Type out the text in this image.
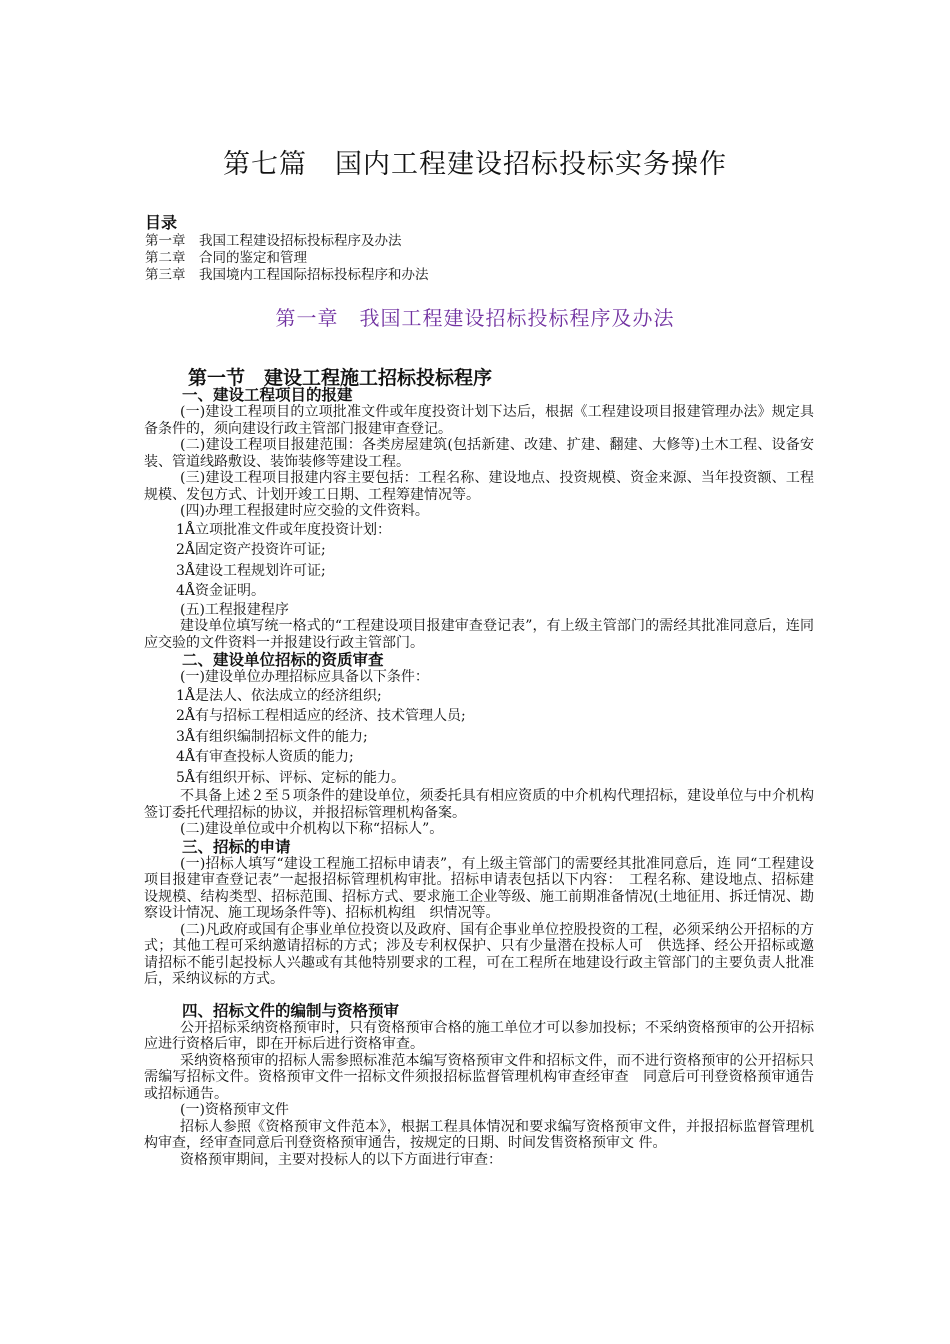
第七篇　国内工程建设招标投标实务操作
目录
第一章　我国工程建设招标投标程序及办法
第二章　合同的鉴定和管理
第三章　我国境内工程国际招标投标程序和办法
第一章　我国工程建设招标投标程序及办法
第一节　建设工程施工招标投标程序
一、建设工程项目的报建
(一)建设工程项目的立项批准文件或年度投资计划下达后，根据《工程建设项目报建管理办法》规定具备条件的，须向建设行政主管部门报建审查登记。
(二)建设工程项目报建范围：各类房屋建筑(包括新建、改建、扩建、翻建、大修等)土木工程、设备安装、管道线路敷设、装饰装修等建设工程。
(三)建设工程项目报建内容主要包括：工程名称、建设地点、投资规模、资金来源、当年投资额、工程规模、发包方式、计划开竣工日期、工程筹建情况等。
(四)办理工程报建时应交验的文件资料。
1Å立项批准文件或年度投资计划：
2Å固定资产投资许可证;
3Å建设工程规划许可证;
4Å资金证明。
(五)工程报建程序
建设单位填写统一格式的“工程建设项目报建审查登记表”，有上级主管部门的需经其批准同意后，连同应交验的文件资料一并报建设行政主管部门。
二、建设单位招标的资质审查
(一)建设单位办理招标应具备以下条件：
1Å是法人、依法成立的经济组织;
2Å有与招标工程相适应的经济、技术管理人员;
3Å有组织编制招标文件的能力;
4Å有审查投标人资质的能力;
5Å有组织开标、评标、定标的能力。
不具备上述２至５项条件的建设单位，须委托具有相应资质的中介机构代理招标，建设单位与中介机构签订委托代理招标的协议，并报招标管理机构备案。
(二)建设单位或中介机构以下称“招标人”。
三、招标的申请
(一)招标人填写“建设工程施工招标申请表”，有上级主管部门的需要经其批准同意后，连 同“工程建设项目报建审查登记表”一起报招标管理机构审批。招标申请表包括以下内容：　工程名称、建设地点、招标建设规模、结构类型、招标范围、招标方式、要求施工企业等级、施工前期准备情况(土地征用、拆迁情况、勘察设计情况、施工现场条件等)、招标机构组　织情况等。
(二)凡政府或国有企事业单位投资以及政府、国有企事业单位控股投资的工程，必须采纳公开招标的方式；其他工程可采纳邀请招标的方式；涉及专利权保护、只有少量潜在投标人可　供选择、经公开招标或邀请招标不能引起投标人兴趣或有其他特别要求的工程，可在工程所在地建设行政主管部门的主要负责人批准后，采纳议标的方式。
四、招标文件的编制与资格预审
公开招标采纳资格预审时，只有资格预审合格的施工单位才可以参加投标；不采纳资格预审的公开招标应进行资格后审，即在开标后进行资格审查。
采纳资格预审的招标人需参照标准范本编写资格预审文件和招标文件，而不进行资格预审的公开招标只需编写招标文件。资格预审文件一招标文件须报招标监督管理机构审查经审查　同意后可刊登资格预审通告或招标通告。
(一)资格预审文件
招标人参照《资格预审文件范本》，根据工程具体情况和要求编写资格预审文件，并报招标监督管理机构审查，经审查同意后刊登资格预审通告，按规定的日期、时间发售资格预审文 件。
资格预审期间，主要对投标人的以下方面进行审查：
